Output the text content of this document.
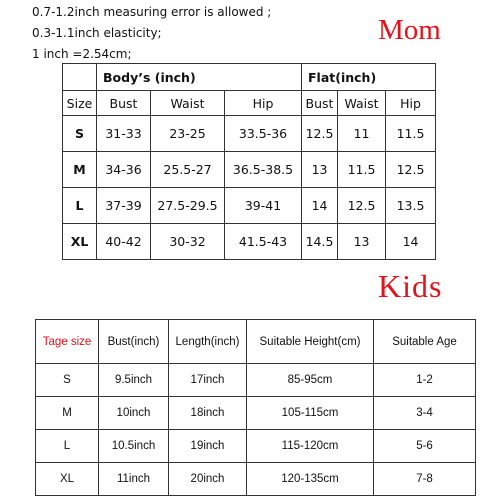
0.7-1.2inch measuring error is allowed ;
0.3-1.1inch elasticity;
1 inch =2.54cm;
Mom
	Body’s (inch)			Flat(inch)		
Size	Bust	Waist	Hip	Bust	Waist	Hip
S	31-33	23-25	33.5-36	12.5	11	11.5
M	34-36	25.5-27	36.5-38.5	13	11.5	12.5
L	37-39	27.5-29.5	39-41	14	12.5	13.5
XL	40-42	30-32	41.5-43	14.5	13	14
Kids
Tage size	Bust(inch)	Length(inch)	Suitable Height(cm)	Suitable Age
S	9.5inch	17inch	85-95cm	1-2
M	10inch	18inch	105-115cm	3-4
L	10.5inch	19inch	115-120cm	5-6
XL	11inch	20inch	120-135cm	7-8
